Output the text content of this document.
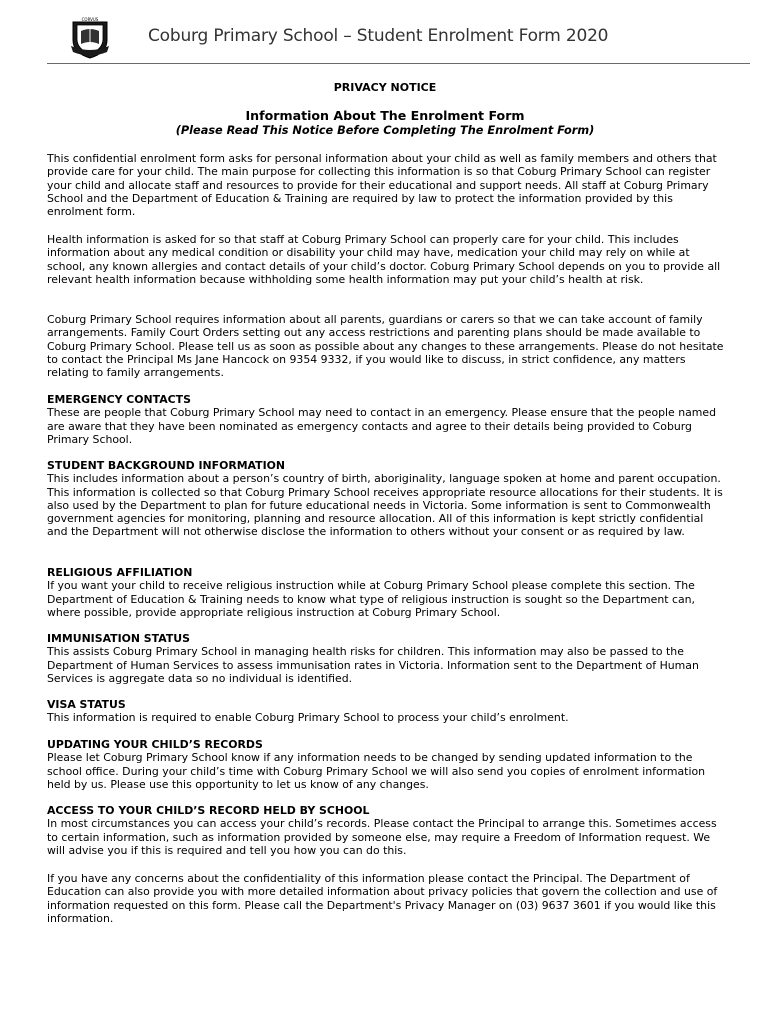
CORVUS
Coburg Primary School – Student Enrolment Form 2020
PRIVACY NOTICE
Information About The Enrolment Form
(Please Read This Notice Before Completing The Enrolment Form)

This confidential enrolment form asks for personal information about your child as well as family members and others that provide care for your child. The main purpose for collecting this information is so that Coburg Primary School can register your child and allocate staff and resources to provide for their educational and support needs. All staff at Coburg Primary School and the Department of Education & Training are required by law to protect the information provided by this enrolment form.

Health information is asked for so that staff at Coburg Primary School can properly care for your child. This includes information about any medical condition or disability your child may have, medication your child may rely on while at school, any known allergies and contact details of your child’s doctor. Coburg Primary School depends on you to provide all relevant health information because withholding some health information may put your child’s health at risk.

Coburg Primary School requires information about all parents, guardians or carers so that we can take account of family arrangements. Family Court Orders setting out any access restrictions and parenting plans should be made available to Coburg Primary School. Please tell us as soon as possible about any changes to these arrangements. Please do not hesitate to contact the Principal Ms Jane Hancock on 9354 9332, if you would like to discuss, in strict confidence, any matters relating to family arrangements.

EMERGENCY CONTACTS

These are people that Coburg Primary School may need to contact in an emergency. Please ensure that the people named are aware that they have been nominated as emergency contacts and agree to their details being provided to Coburg Primary School.

STUDENT BACKGROUND INFORMATION

This includes information about a person’s country of birth, aboriginality, language spoken at home and parent occupation. This information is collected so that Coburg Primary School receives appropriate resource allocations for their students. It is also used by the Department to plan for future educational needs in Victoria. Some information is sent to Commonwealth government agencies for monitoring, planning and resource allocation. All of this information is kept strictly confidential and the Department will not otherwise disclose the information to others without your consent or as required by law.

RELIGIOUS AFFILIATION

If you want your child to receive religious instruction while at Coburg Primary School please complete this section. The Department of Education & Training needs to know what type of religious instruction is sought so the Department can, where possible, provide appropriate religious instruction at Coburg Primary School.

IMMUNISATION STATUS

This assists Coburg Primary School in managing health risks for children. This information may also be passed to the Department of Human Services to assess immunisation rates in Victoria. Information sent to the Department of Human Services is aggregate data so no individual is identified.

VISA STATUS

This information is required to enable Coburg Primary School to process your child’s enrolment.

UPDATING YOUR CHILD’S RECORDS

Please let Coburg Primary School know if any information needs to be changed by sending updated information to the school office. During your child’s time with Coburg Primary School we will also send you copies of enrolment information held by us. Please use this opportunity to let us know of any changes.

ACCESS TO YOUR CHILD’S RECORD HELD BY SCHOOL

In most circumstances you can access your child’s records. Please contact the Principal to arrange this. Sometimes access to certain information, such as information provided by someone else, may require a Freedom of Information request. We will advise you if this is required and tell you how you can do this.

If you have any concerns about the confidentiality of this information please contact the Principal. The Department of Education can also provide you with more detailed information about privacy policies that govern the collection and use of information requested on this form. Please call the Department's Privacy Manager on (03) 9637 3601 if you would like this information.
